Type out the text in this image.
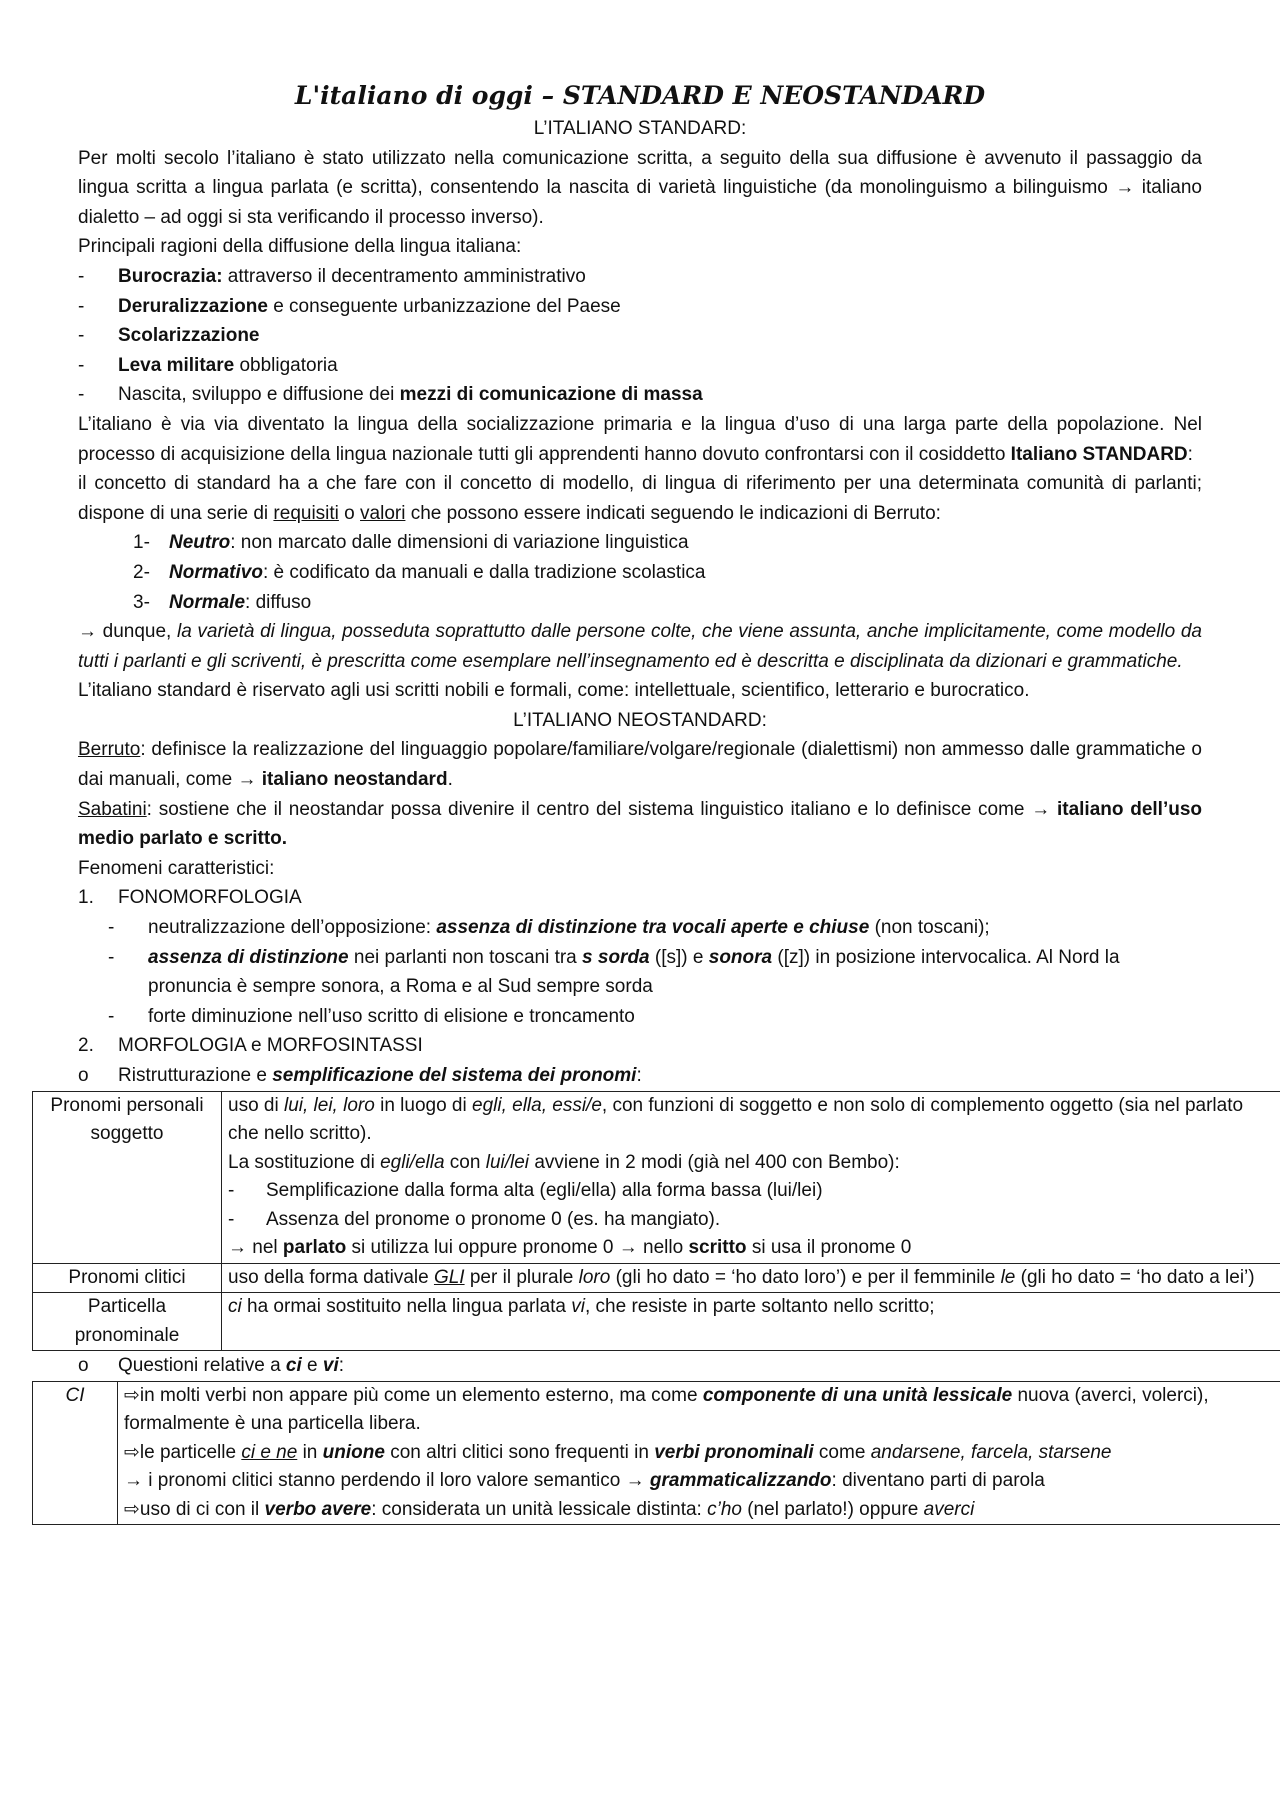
L'italiano di oggi – STANDARD E NEOSTANDARD

L’ITALIANO STANDARD:

Per molti secolo l’italiano è stato utilizzato nella comunicazione scritta, a seguito della sua diffusione è avvenuto il passaggio da lingua scritta a lingua parlata (e scritta), consentendo la nascita di varietà linguistiche (da monolinguismo a bilinguismo → italiano dialetto – ad oggi si sta verificando il processo inverso).

Principali ragioni della diffusione della lingua italiana:

- Burocrazia: attraverso il decentramento amministrativo
- Deruralizzazione e conseguente urbanizzazione del Paese
- Scolarizzazione
- Leva militare obbligatoria
- Nascita, sviluppo e diffusione dei mezzi di comunicazione di massa

L’italiano è via via diventato la lingua della socializzazione primaria e la lingua d’uso di una larga parte della popolazione. Nel processo di acquisizione della lingua nazionale tutti gli apprendenti hanno dovuto confrontarsi con il cosiddetto Italiano STANDARD:

il concetto di standard ha a che fare con il concetto di modello, di lingua di riferimento per una determinata comunità di parlanti; dispone di una serie di requisiti o valori che possono essere indicati seguendo le indicazioni di Berruto:

1- Neutro: non marcato dalle dimensioni di variazione linguistica
2- Normativo: è codificato da manuali e dalla tradizione scolastica
3- Normale: diffuso

→ dunque, la varietà di lingua, posseduta soprattutto dalle persone colte, che viene assunta, anche implicitamente, come modello da tutti i parlanti e gli scriventi, è prescritta come esemplare nell’insegnamento ed è descritta e disciplinata da dizionari e grammatiche.

L’italiano standard è riservato agli usi scritti nobili e formali, come: intellettuale, scientifico, letterario e burocratico.

L’ITALIANO NEOSTANDARD:

Berruto: definisce la realizzazione del linguaggio popolare/familiare/volgare/regionale (dialettismi) non ammesso dalle grammatiche o dai manuali, come → italiano neostandard.

Sabatini: sostiene che il neostandar possa divenire il centro del sistema linguistico italiano e lo definisce come → italiano dell’uso medio parlato e scritto.

Fenomeni caratteristici:

1. FONOMORFOLOGIA
- neutralizzazione dell’opposizione: assenza di distinzione tra vocali aperte e chiuse (non toscani);
- assenza di distinzione nei parlanti non toscani tra s sorda ([s]) e sonora ([z]) in posizione intervocalica. Al Nord la pronuncia è sempre sonora, a Roma e al Sud sempre sorda
- forte diminuzione nell’uso scritto di elisione e troncamento
2. MORFOLOGIA e MORFOSINTASSI
o Ristrutturazione e semplificazione del sistema dei pronomi:
Pronomi personali soggetto	uso di lui, lei, loro in luogo di egli, ella, essi/e, con funzioni di soggetto e non solo di complemento oggetto (sia nel parlato che nello scritto).
La sostituzione di egli/ella con lui/lei avviene in 2 modi (già nel 400 con Bembo):
- Semplificazione dalla forma alta (egli/ella) alla forma bassa (lui/lei)
- Assenza del pronome o pronome 0 (es. ha mangiato).
→ nel parlato si utilizza lui oppure pronome 0 → nello scritto si usa il pronome 0

Pronomi clitici	uso della forma dativale GLI per il plurale loro (gli ho dato = ‘ho dato loro’) e per il femminile le (gli ho dato = ‘ho dato a lei’)
Particella pronominale	ci ha ormai sostituito nella lingua parlata vi, che resiste in parte soltanto nello scritto;
o Questioni relative a ci e vi:
CI	⇨in molti verbi non appare più come un elemento esterno, ma come componente di una unità lessicale nuova (averci, volerci), formalmente è una particella libera.
⇨le particelle ci e ne in unione con altri clitici sono frequenti in verbi pronominali come andarsene, farcela, starsene
→ i pronomi clitici stanno perdendo il loro valore semantico → grammaticalizzando: diventano parti di parola
⇨uso di ci con il verbo avere: considerata un unità lessicale distinta: c’ho (nel parlato!) oppure averci
